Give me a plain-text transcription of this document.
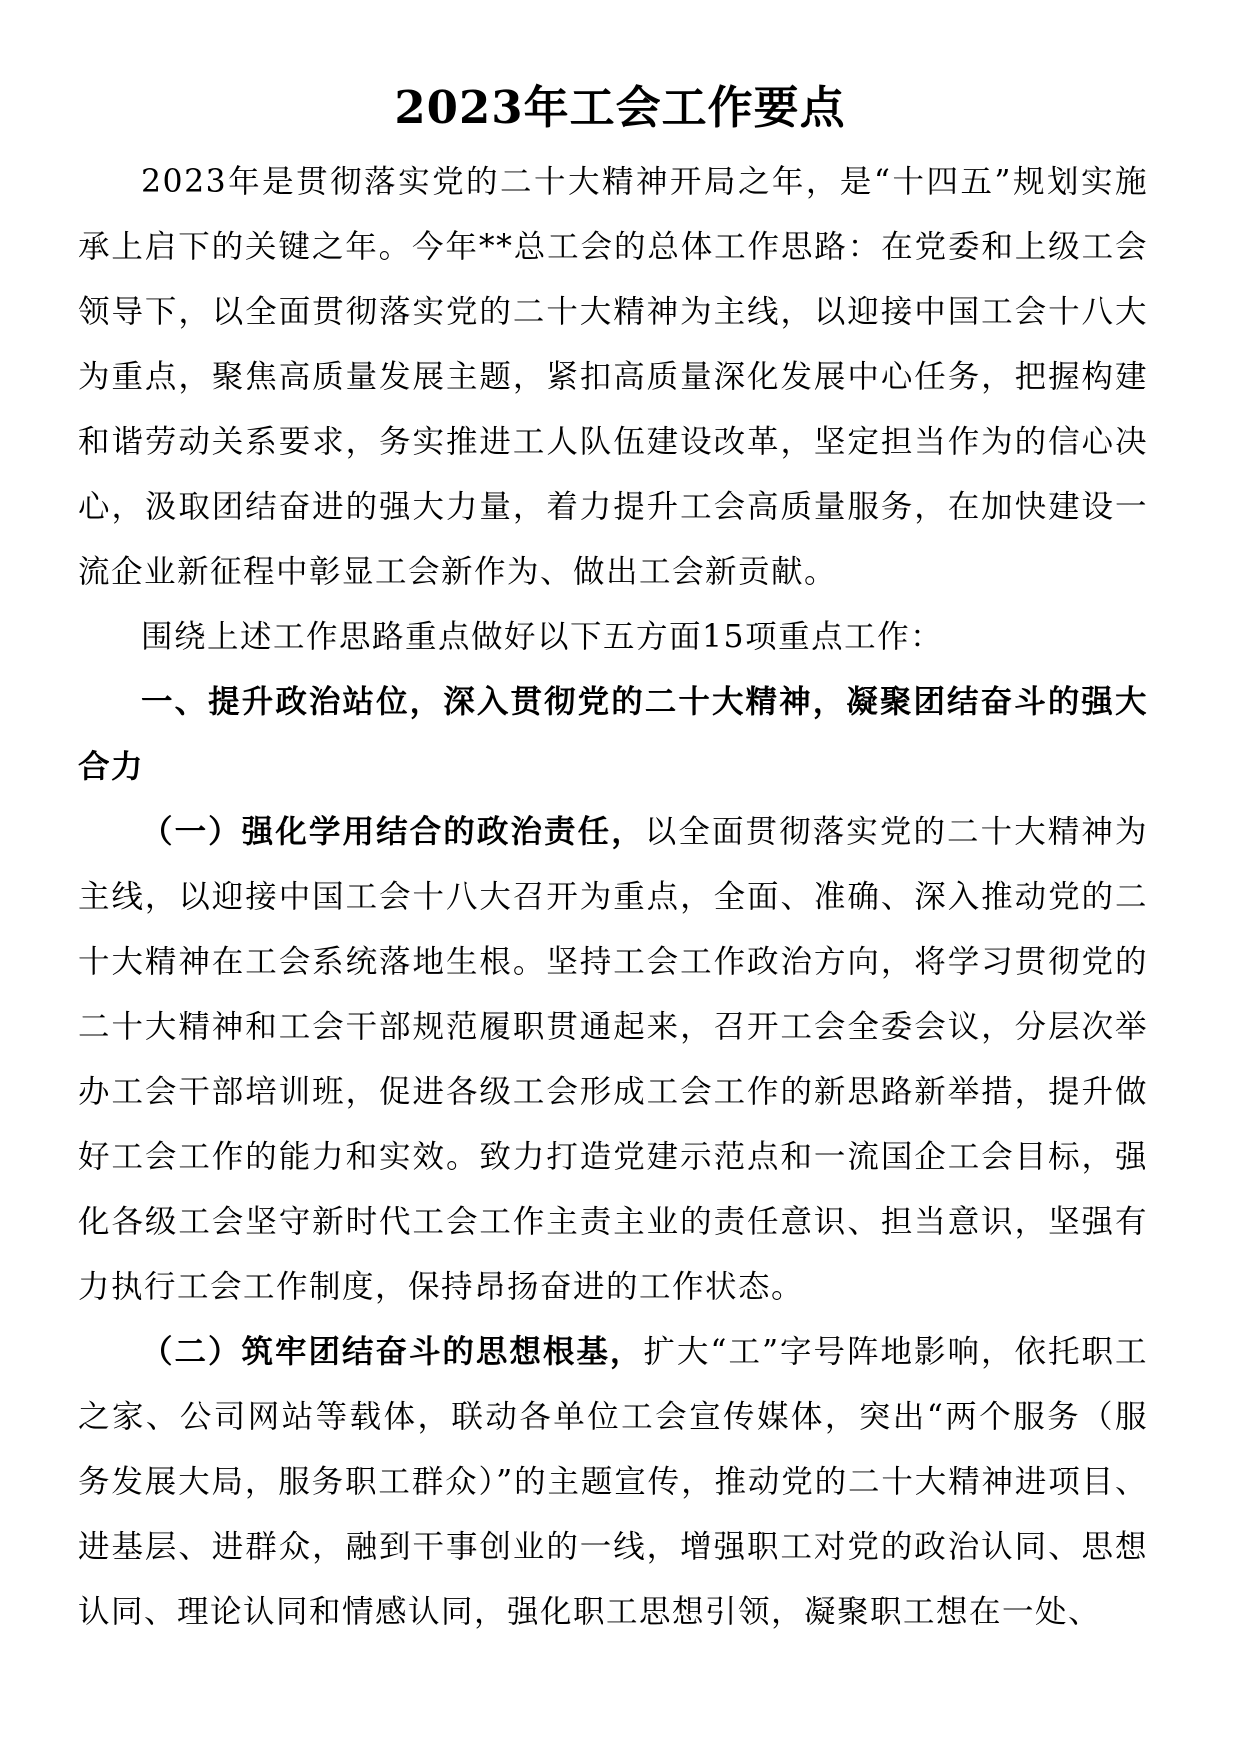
2023年工会工作要点

2023年是贯彻落实党的二十大精神开局之年，是“十四五”规划实施承上启下的关键之年。今年**总工会的总体工作思路：在党委和上级工会领导下，以全面贯彻落实党的二十大精神为主线，以迎接中国工会十八大为重点，聚焦高质量发展主题，紧扣高质量深化发展中心任务，把握构建和谐劳动关系要求，务实推进工人队伍建设改革，坚定担当作为的信心决心，汲取团结奋进的强大力量，着力提升工会高质量服务，在加快建设一流企业新征程中彰显工会新作为、做出工会新贡献。

围绕上述工作思路重点做好以下五方面15项重点工作：

一、提升政治站位，深入贯彻党的二十大精神，凝聚团结奋斗的强大合力

（一）强化学用结合的政治责任，以全面贯彻落实党的二十大精神为主线，以迎接中国工会十八大召开为重点，全面、准确、深入推动党的二十大精神在工会系统落地生根。坚持工会工作政治方向，将学习贯彻党的二十大精神和工会干部规范履职贯通起来，召开工会全委会议，分层次举办工会干部培训班，促进各级工会形成工会工作的新思路新举措，提升做好工会工作的能力和实效。致力打造党建示范点和一流国企工会目标，强化各级工会坚守新时代工会工作主责主业的责任意识、担当意识，坚强有力执行工会工作制度，保持昂扬奋进的工作状态。

（二）筑牢团结奋斗的思想根基，扩大“工”字号阵地影响，依托职工之家、公司网站等载体，联动各单位工会宣传媒体，突出“两个服务（服务发展大局，服务职工群众）”的主题宣传，推动党的二十大精神进项目、进基层、进群众，融到干事创业的一线，增强职工对党的政治认同、思想认同、理论认同和情感认同，强化职工思想引领，凝聚职工想在一处、
